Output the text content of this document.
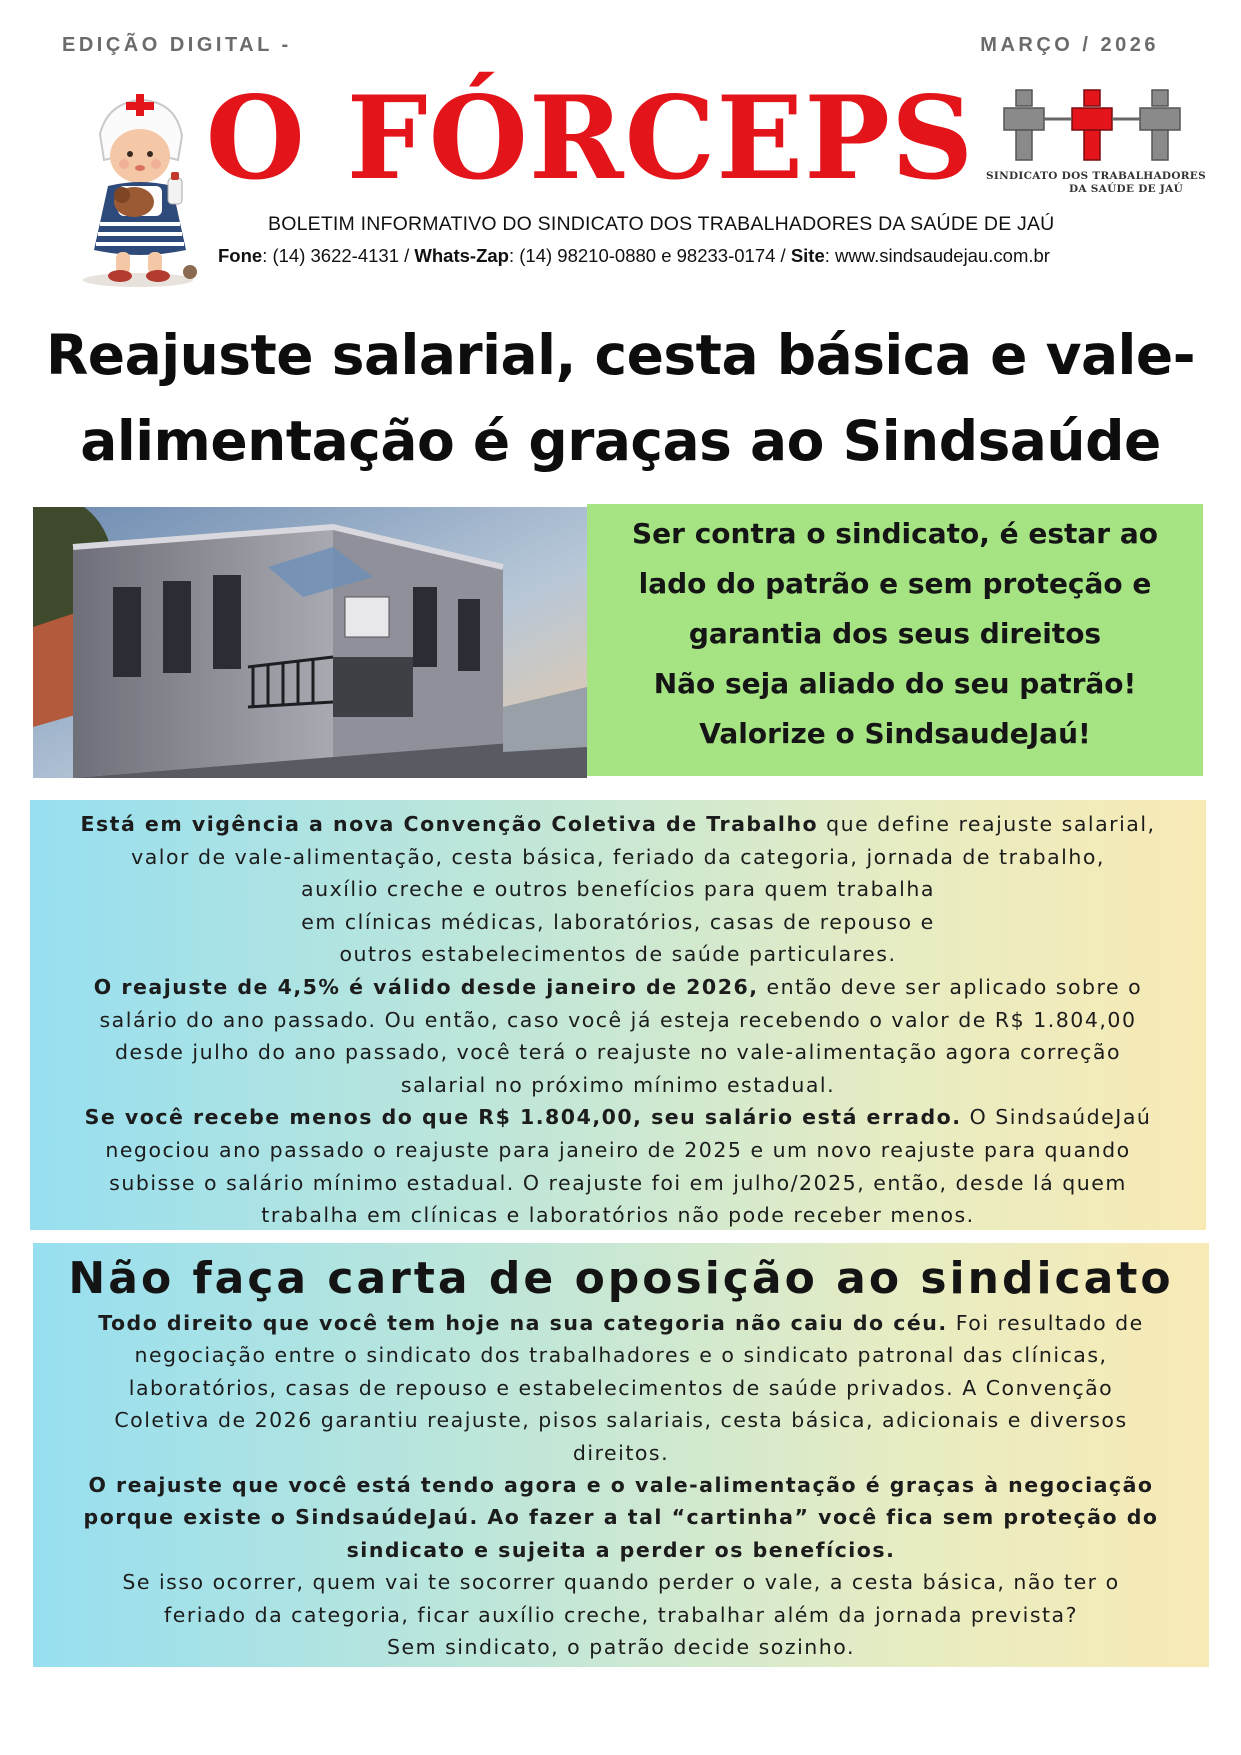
EDIÇÃO DIGITAL -	MARÇO / 2026
O FÓRCEPS	SINDICATO DOS TRABALHADORES
DA SAÚDE DE JAÚ
BOLETIM INFORMATIVO DO SINDICATO DOS TRABALHADORES DA SAÚDE DE JAÚ
Fone: (14) 3622-4131 / Whats-Zap: (14) 98210-0880 e 98233-0174 / Site: www.sindsaudejau.com.br
Reajuste salarial, cesta básica e vale-
alimentação é graças ao Sindsaúde
Ser contra o sindicato, é estar ao
lado do patrão e sem proteção e
garantia dos seus direitos
Não seja aliado do seu patrão!
Valorize o SindsaudeJaú!
Está em vigência a nova Convenção Coletiva de Trabalho que define reajuste salarial,
valor de vale-alimentação, cesta básica, feriado da categoria, jornada de trabalho,
auxílio creche e outros benefícios para quem trabalha
em clínicas médicas, laboratórios, casas de repouso e
outros estabelecimentos de saúde particulares.
O reajuste de 4,5% é válido desde janeiro de 2026, então deve ser aplicado sobre o
salário do ano passado. Ou então, caso você já esteja recebendo o valor de R$ 1.804,00
desde julho do ano passado, você terá o reajuste no vale-alimentação agora correção
salarial no próximo mínimo estadual.
Se você recebe menos do que R$ 1.804,00, seu salário está errado. O SindsaúdeJaú
negociou ano passado o reajuste para janeiro de 2025 e um novo reajuste para quando
subisse o salário mínimo estadual. O reajuste foi em julho/2025, então, desde lá quem
trabalha em clínicas e laboratórios não pode receber menos.
Não faça carta de oposição ao sindicato
Todo direito que você tem hoje na sua categoria não caiu do céu. Foi resultado de
negociação entre o sindicato dos trabalhadores e o sindicato patronal das clínicas,
laboratórios, casas de repouso e estabelecimentos de saúde privados. A Convenção
Coletiva de 2026 garantiu reajuste, pisos salariais, cesta básica, adicionais e diversos
direitos.
O reajuste que você está tendo agora e o vale-alimentação é graças à negociação
porque existe o SindsaúdeJaú. Ao fazer a tal “cartinha” você fica sem proteção do
sindicato e sujeita a perder os benefícios.
Se isso ocorrer, quem vai te socorrer quando perder o vale, a cesta básica, não ter o
feriado da categoria, ficar auxílio creche, trabalhar além da jornada prevista?
Sem sindicato, o patrão decide sozinho.
